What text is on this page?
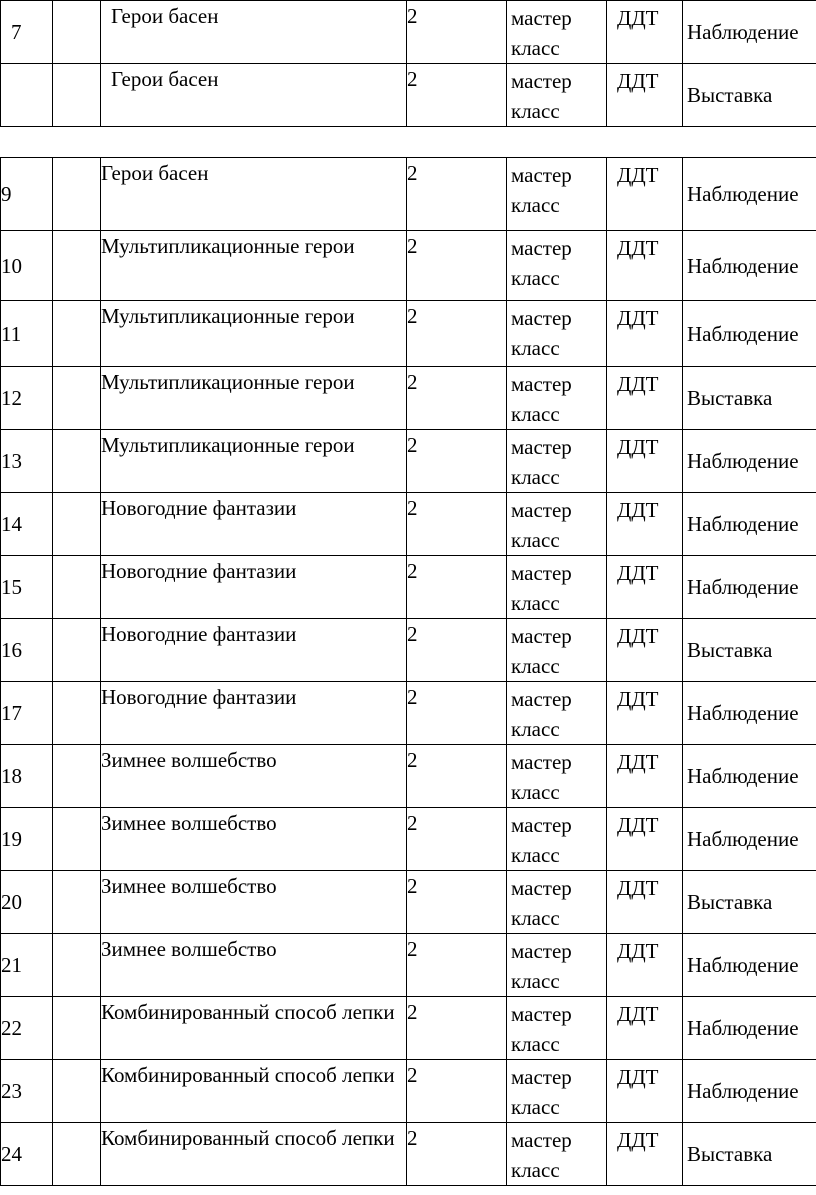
7		Герои басен	2	мастер класс	ДДТ	Наблюдение
		Герои басен	2	мастер класс	ДДТ	Выставка
9		Герои басен	2	мастер класс	ДДТ	Наблюдение
10		Мультипликационные герои	2	мастер класс	ДДТ	Наблюдение
11		Мультипликационные герои	2	мастер класс	ДДТ	Наблюдение
12		Мультипликационные герои	2	мастер класс	ДДТ	Выставка
13		Мультипликационные герои	2	мастер класс	ДДТ	Наблюдение
14		Новогодние фантазии	2	мастер класс	ДДТ	Наблюдение
15		Новогодние фантазии	2	мастер класс	ДДТ	Наблюдение
16		Новогодние фантазии	2	мастер класс	ДДТ	Выставка
17		Новогодние фантазии	2	мастер класс	ДДТ	Наблюдение
18		Зимнее волшебство	2	мастер класс	ДДТ	Наблюдение
19		Зимнее волшебство	2	мастер класс	ДДТ	Наблюдение
20		Зимнее волшебство	2	мастер класс	ДДТ	Выставка
21		Зимнее волшебство	2	мастер класс	ДДТ	Наблюдение
22		Комбинированный способ лепки	2	мастер класс	ДДТ	Наблюдение
23		Комбинированный способ лепки	2	мастер класс	ДДТ	Наблюдение
24		Комбинированный способ лепки	2	мастер класс	ДДТ	Выставка
